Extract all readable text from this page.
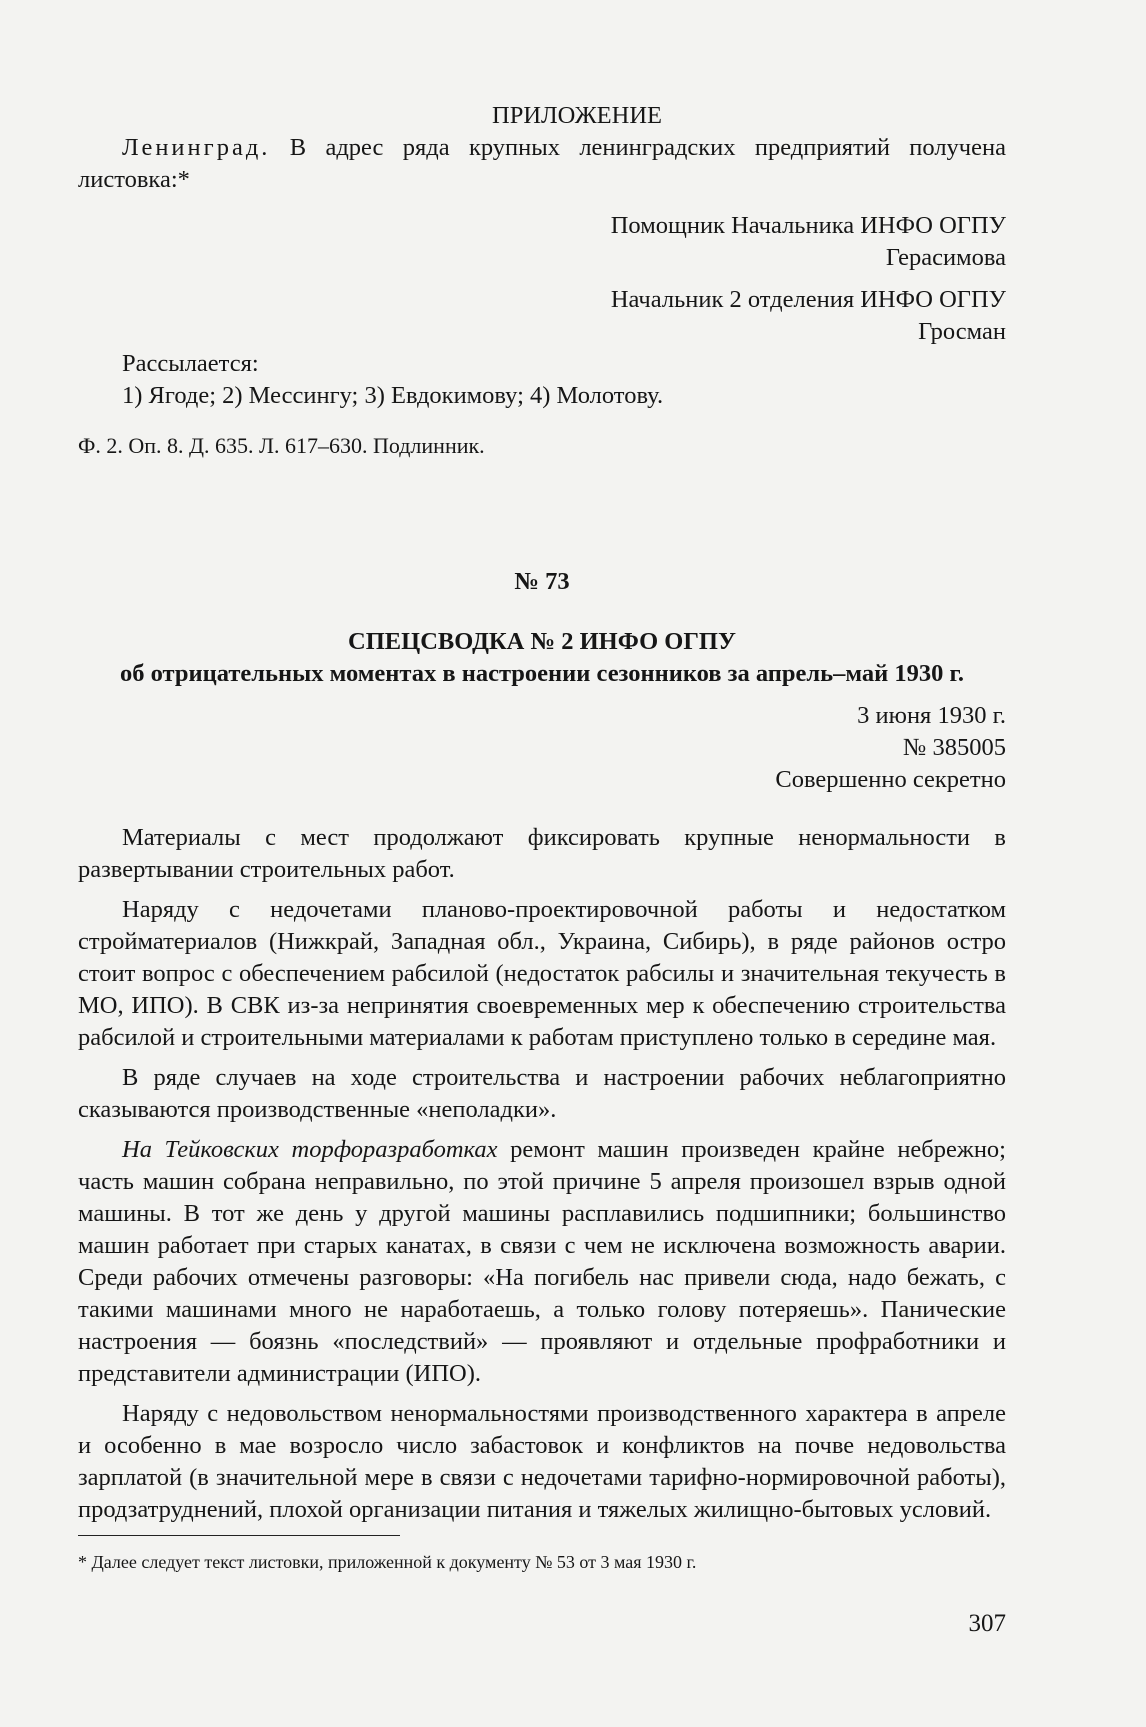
ПРИЛОЖЕНИЕ

Ленинград. В адрес ряда крупных ленинградских предприятий получена листовка:*

Помощник Начальника ИНФО ОГПУ

Герасимова

Начальник 2 отделения ИНФО ОГПУ

Гросман

Рассылается:

1) Ягоде; 2) Мессингу; 3) Евдокимову; 4) Молотову.

Ф. 2. Оп. 8. Д. 635. Л. 617–630. Подлинник.

№ 73

СПЕЦСВОДКА № 2 ИНФО ОГПУ

об отрицательных моментах в настроении сезонников за апрель–май 1930 г.

3 июня 1930 г.

№ 385005

Совершенно секретно

Материалы с мест продолжают фиксировать крупные ненормальности в развертывании строительных работ.

Наряду с недочетами планово-проектировочной работы и недостатком стройматериалов (Нижкрай, Западная обл., Украина, Сибирь), в ряде районов остро стоит вопрос с обеспечением рабсилой (недостаток рабсилы и значительная текучесть в МО, ИПО). В СВК из-за непринятия своевременных мер к обеспечению строительства рабсилой и строительными материалами к работам приступлено только в середине мая.

В ряде случаев на ходе строительства и настроении рабочих неблагоприятно сказываются производственные «неполадки».

На Тейковских торфоразработках ремонт машин произведен крайне небрежно; часть машин собрана неправильно, по этой причине 5 апреля произошел взрыв одной машины. В тот же день у другой машины расплавились подшипники; большинство машин работает при старых канатах, в связи с чем не исключена возможность аварии. Среди рабочих отмечены разговоры: «На погибель нас привели сюда, надо бежать, с такими машинами много не наработаешь, а только голову потеряешь». Панические настроения — боязнь «последствий» — проявляют и отдельные профработники и представители администрации (ИПО).

Наряду с недовольством ненормальностями производственного характера в апреле и особенно в мае возросло число забастовок и конфликтов на почве недовольства зарплатой (в значительной мере в связи с недочетами тарифно-нормировочной работы), продзатруднений, плохой организации питания и тяжелых жилищно-бытовых условий.

* Далее следует текст листовки, приложенной к документу № 53 от 3 мая 1930 г.

307
